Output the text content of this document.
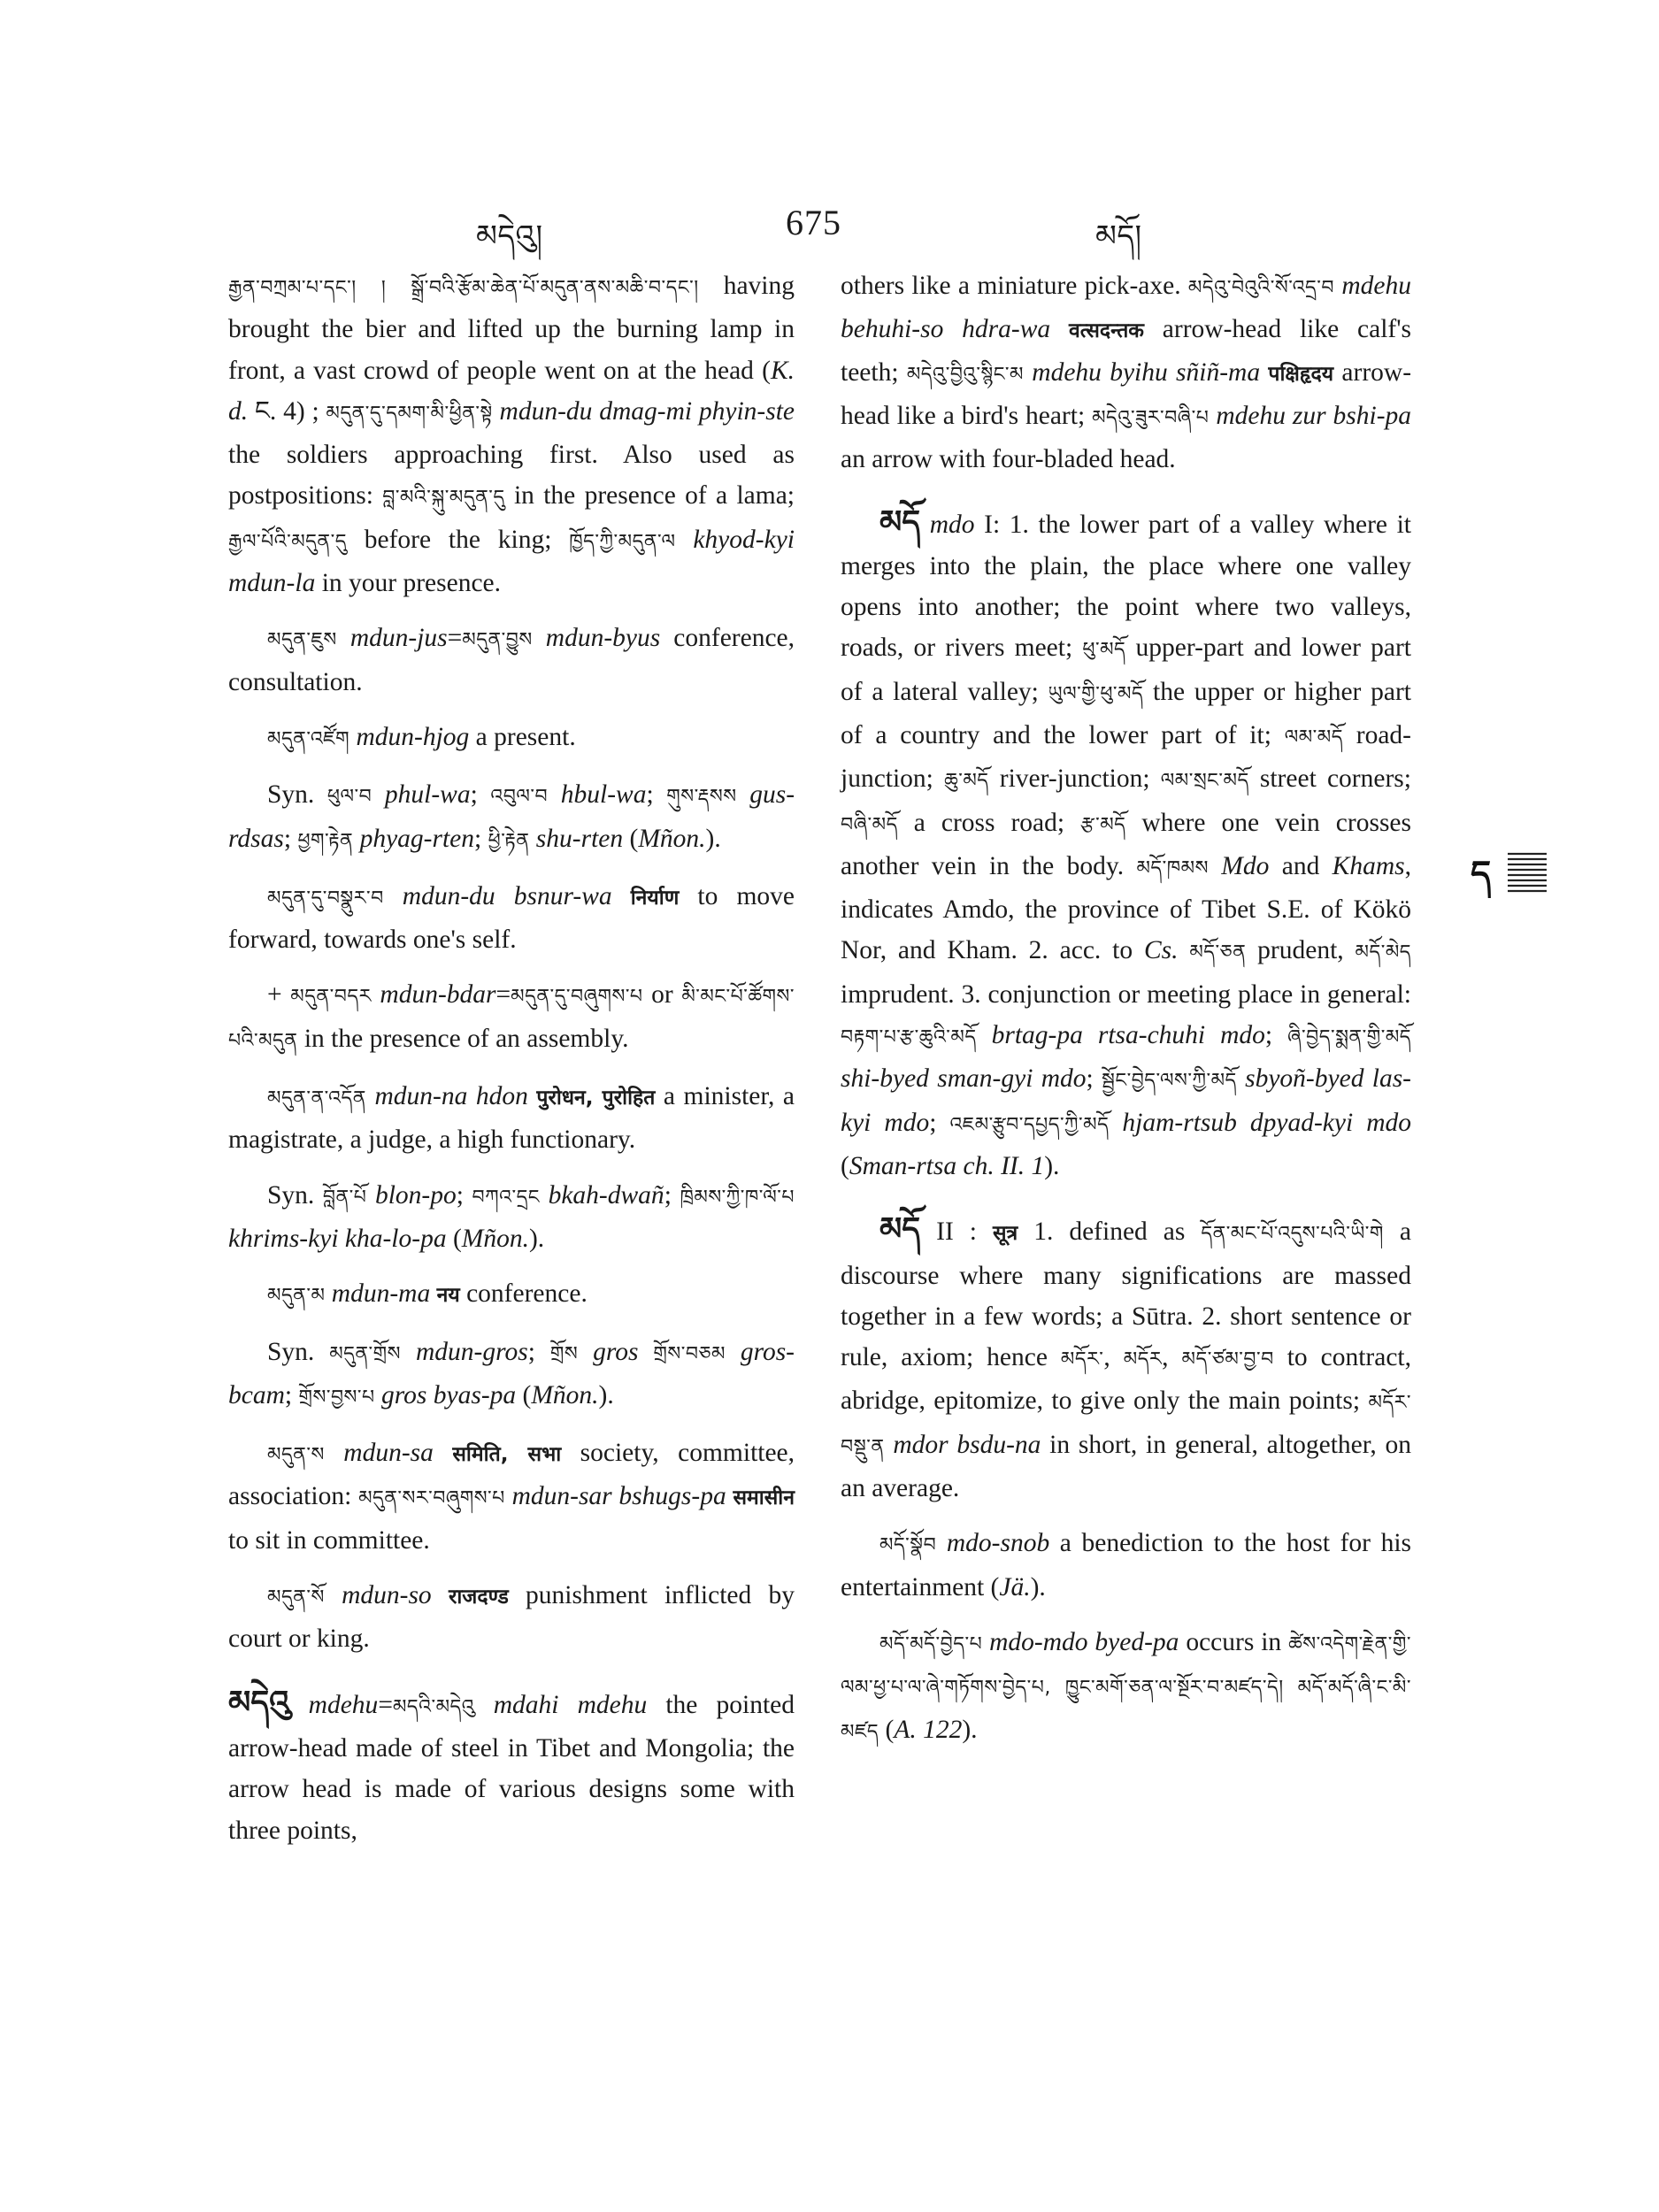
མདེའུ།	675	མདོ།

རྒྱན་བཀྲམ་པ་དང་། ། སྒྲོ་བའི་རྩོམ་ཆེན་པོ་མདུན་ནས་མཆི་བ་དང་། having brought the bier and lifted up the burning lamp in front, a vast crowd of people went on at the head (K. d. ང. 4) ; མདུན་དུ་དམག་མི་ཕྱིན་སྟེ mdun-du dmag-mi phyin-ste the soldiers approaching first. Also used as postpositions: བླ་མའི་སྐུ་མདུན་དུ in the presence of a lama; རྒྱལ་པོའི་མདུན་དུ before the king; ཁྱོད་ཀྱི་མདུན་ལ khyod-kyi mdun-la in your presence.

མདུན་ཇུས mdun-jus=མདུན་བྱུས mdun-byus conference, consultation.

མདུན་འཛོག mdun-hjog a present.

Syn. ཕུལ་བ phul-wa; འབུལ་བ hbul-wa; གུས་རྡསས gus-rdsas; ཕྱག་རྟེན phyag-rten; ཕྱི་རྟེན shu-rten (Mñon.).

མདུན་དུ་བསྣུར་བ mdun-du bsnur-wa निर्याण to move forward, towards one's self.

+ མདུན་བདར mdun-bdar=མདུན་དུ་བཞུགས་པ or མི་མང་པོ་ཚོགས་པའི་མདུན in the presence of an assembly.

མདུན་ན་འདོན mdun-na hdon पुरोधन, पुरोहित a minister, a magistrate, a judge, a high functionary.

Syn. བློན་པོ blon-po; བཀའ་དྲང bkah-dwañ; ཁྲིམས་ཀྱི་ཁ་ལོ་པ khrims-kyi kha-lo-pa (Mñon.).

མདུན་མ mdun-ma नय conference.

Syn. མདུན་གྲོས mdun-gros; གྲོས gros གྲོས་བཅམ gros-bcam; གྲོས་བྱས་པ gros byas-pa (Mñon.).

མདུན་ས mdun-sa समिति, सभा society, committee, association: མདུན་སར་བཞུགས་པ mdun-sar bshugs-pa समासीन to sit in committee.

མདུན་སོ mdun-so राजदण्ड punishment inflicted by court or king.

མདེའུ mdehu=མདའི་མདེའུ mdahi mdehu the pointed arrow-head made of steel in Tibet and Mongolia; the arrow head is made of various designs some with three points,

others like a miniature pick-axe. མདེའུ་བེའུའི་སོ་འདྲ་བ mdehu behuhi-so hdra-wa वत्सदन्तक arrow-head like calf's teeth; མདེའུ་བྱིའུ་སྙིང་མ mdehu byihu sñiñ-ma पक्षिहृदय arrow-head like a bird's heart; མདེའུ་ཟུར་བཞི་པ mdehu zur bshi-pa an arrow with four-bladed head.

མདོ mdo I: 1. the lower part of a valley where it merges into the plain, the place where one valley opens into another; the point where two valleys, roads, or rivers meet; ཕུ་མདོ upper-part and lower part of a lateral valley; ཡུལ་གྱི་ཕུ་མདོ the upper or higher part of a country and the lower part of it; ལམ་མདོ road-junction; ཆུ་མདོ river-junction; ལམ་སྲང་མདོ street corners; བཞི་མདོ a cross road; རྩ་མདོ where one vein crosses another vein in the body. མདོ་ཁམས Mdo and Khams, indicates Amdo, the province of Tibet S.E. of Kökö Nor, and Kham. 2. acc. to Cs. མདོ་ཅན prudent, མདོ་མེད imprudent. 3. conjunction or meeting place in general: བརྟག་པ་རྩ་ཆུའི་མདོ brtag-pa rtsa-chuhi mdo; ཞི་བྱེད་སྨན་གྱི་མདོ shi-byed sman-gyi mdo; སྦྱོང་བྱེད་ལས་ཀྱི་མདོ sbyoñ-byed las-kyi mdo; འཇམ་རྩུབ་དཔྱད་ཀྱི་མདོ hjam-rtsub dpyad-kyi mdo (Sman-rtsa ch. II. 1).

མདོ II : सूत्र 1. defined as དོན་མང་པོ་འདུས་པའི་ཡི་གེ a discourse where many significations are massed together in a few words; a Sūtra. 2. short sentence or rule, axiom; hence མདོར་, མདོར, མདོ་ཙམ་བྱ་བ to contract, abridge, epitomize, to give only the main points; མདོར་བསྡུ་ན mdor bsdu-na in short, in general, altogether, on an average.

མདོ་སྣོབ mdo-snob a benediction to the host for his entertainment (Jä.).

མདོ་མདོ་བྱེད་པ mdo-mdo byed-pa occurs in ཚེས་འདེག་རྗེན་གྱི་ལམ་ཕྱ་པ་ལ་ཞེ་གཏོགས་བྱེད་པ, ཁྱུང་མགོ་ཅན་ལ་སྔོར་བ་མཛད་དེ། མདོ་མདོ་ཞི་ང་མི་མཛད (A. 122).

ད
